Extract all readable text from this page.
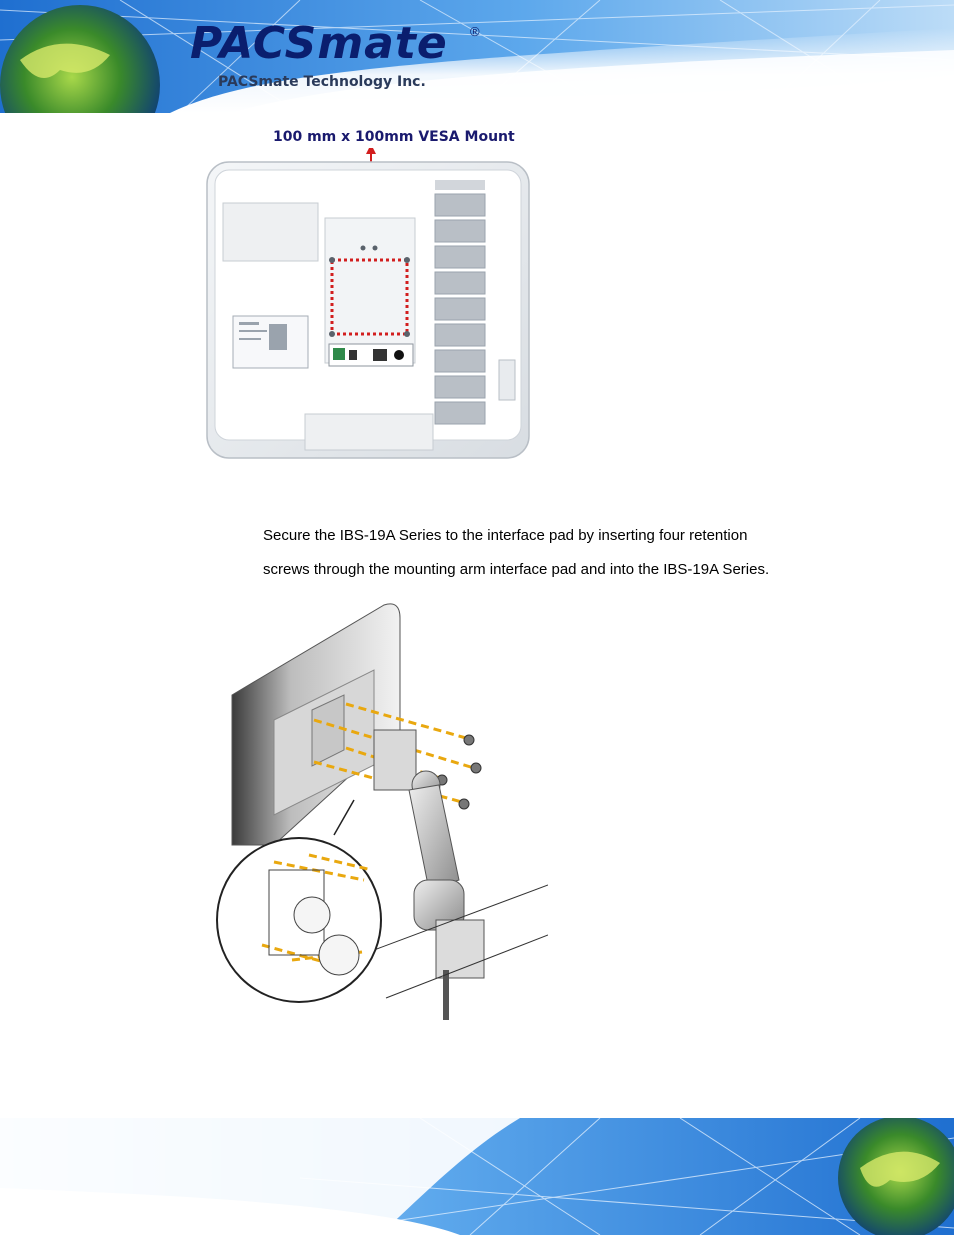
PACSmate ®
PACSmate Technology Inc.
100 mm x 100mm VESA Mount
Secure the IBS-19A Series to the interface pad by inserting four retention
screws through the mounting arm interface pad and into the IBS-19A Series.
